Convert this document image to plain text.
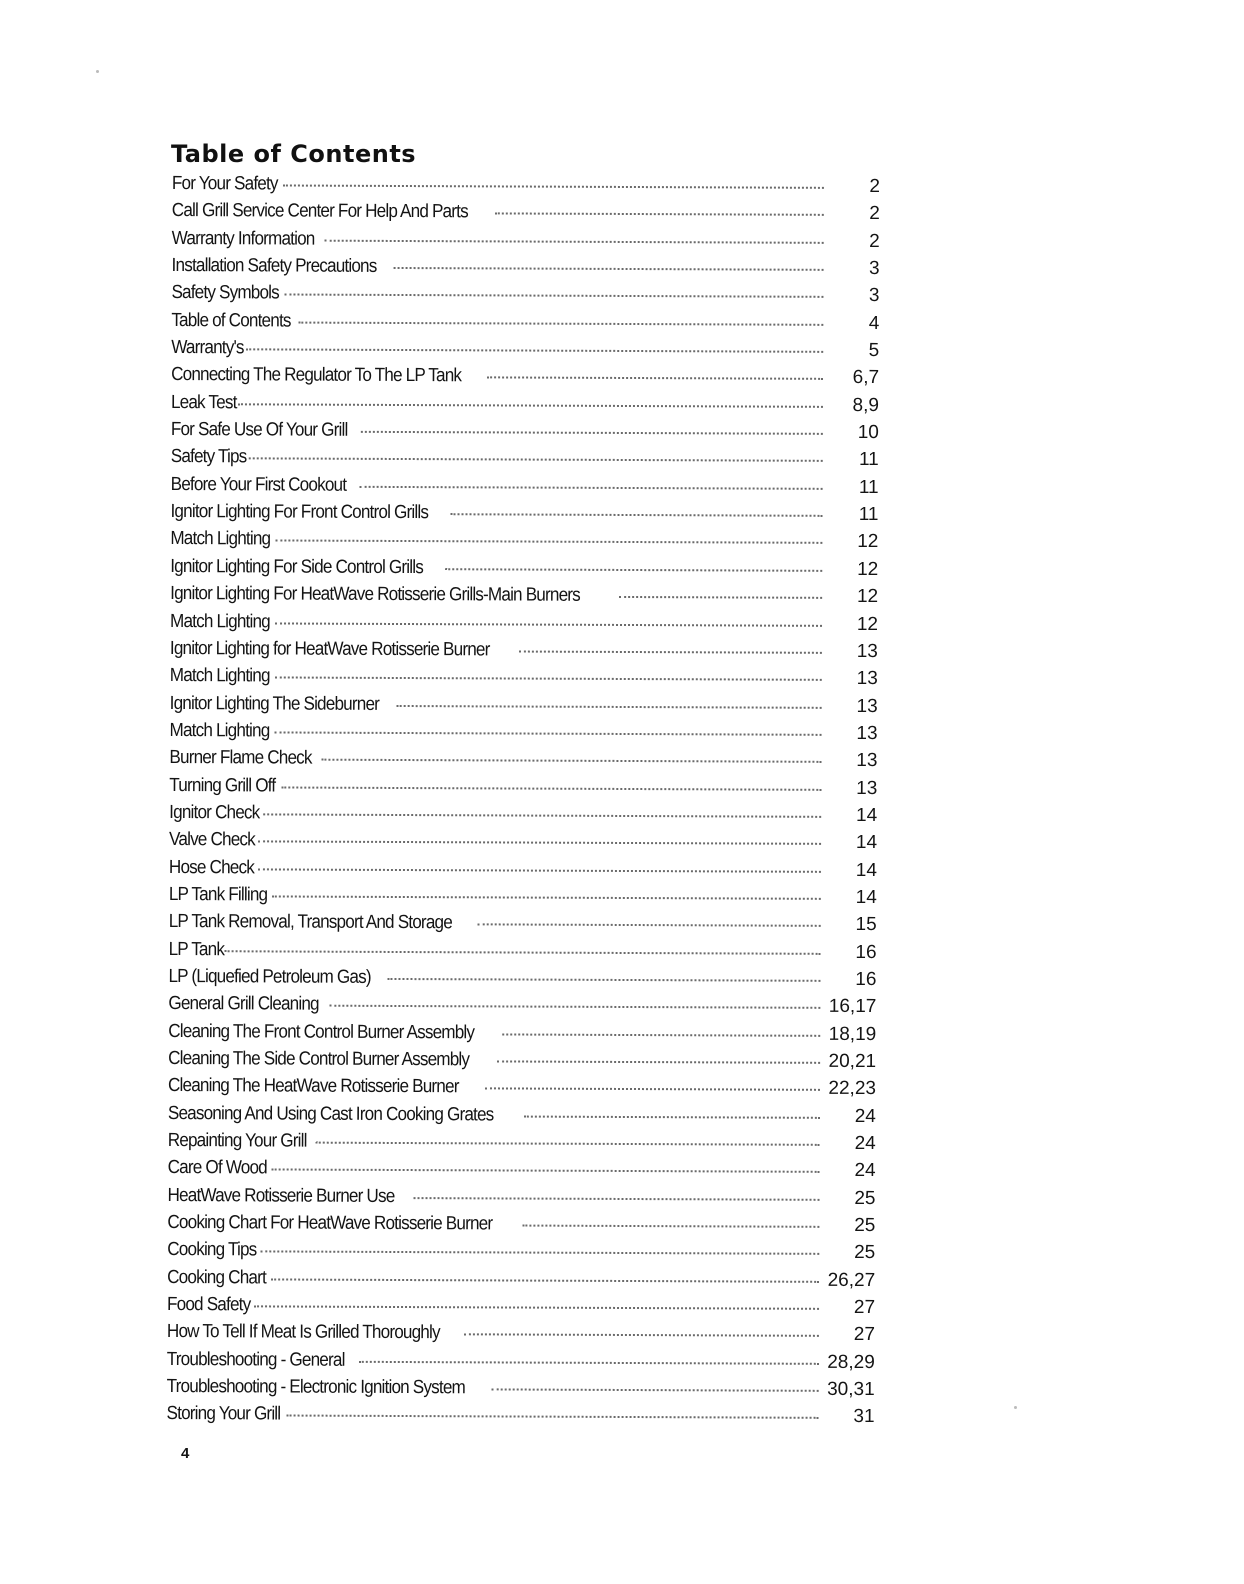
Table of Contents
For Your Safety	2
Call Grill Service Center For Help And Parts	2
Warranty Information	2
Installation Safety Precautions	3
Safety Symbols	3
Table of Contents	4
Warranty's	5
Connecting The Regulator To The LP Tank	6,7
Leak Test	8,9
For Safe Use Of Your Grill	10
Safety Tips	11
Before Your First Cookout	11
Ignitor Lighting For Front Control Grills	11
Match Lighting	12
Ignitor Lighting For Side Control Grills	12
Ignitor Lighting For HeatWave Rotisserie Grills-Main Burners	12
Match Lighting	12
Ignitor Lighting for HeatWave Rotisserie Burner	13
Match Lighting	13
Ignitor Lighting The Sideburner	13
Match Lighting	13
Burner Flame Check	13
Turning Grill Off	13
Ignitor Check	14
Valve Check	14
Hose Check	14
LP Tank Filling	14
LP Tank Removal, Transport And Storage	15
LP Tank	16
LP (Liquefied Petroleum Gas)	16
General Grill Cleaning	16,17
Cleaning The Front Control Burner Assembly	18,19
Cleaning The Side Control Burner Assembly	20,21
Cleaning The HeatWave Rotisserie Burner	22,23
Seasoning And Using Cast Iron Cooking Grates	24
Repainting Your Grill	24
Care Of Wood	24
HeatWave Rotisserie Burner Use	25
Cooking Chart For HeatWave Rotisserie Burner	25
Cooking Tips	25
Cooking Chart	26,27
Food Safety	27
How To Tell If Meat Is Grilled Thoroughly	27
Troubleshooting - General	28,29
Troubleshooting - Electronic Ignition System	30,31
Storing Your Grill	31
4
